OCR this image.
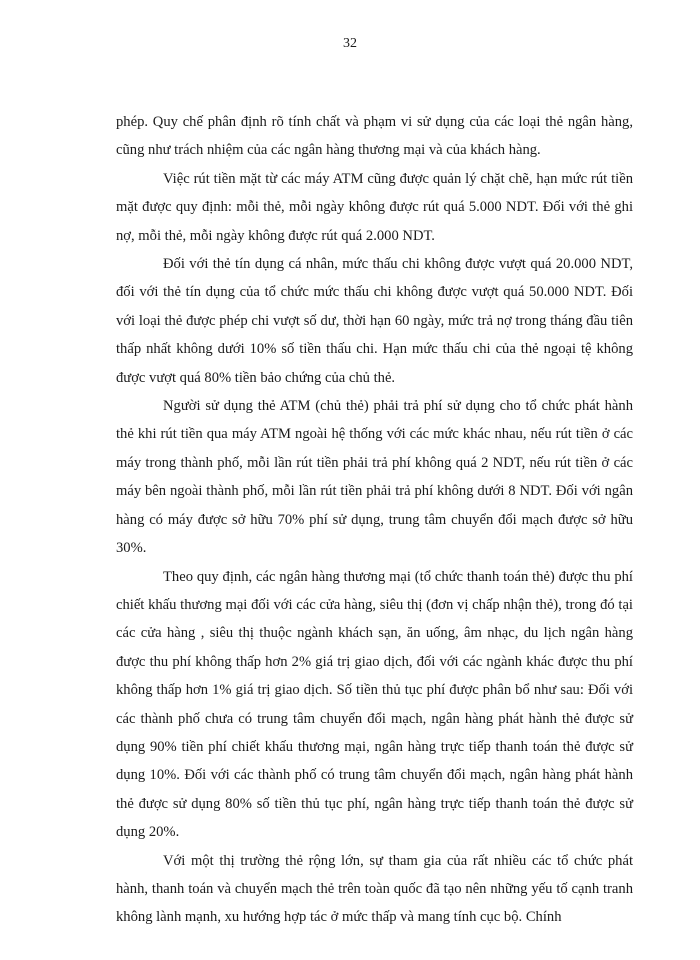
32

phép. Quy chế phân định rõ tính chất và phạm vi sử dụng của các loại thẻ ngân hàng, cũng như trách nhiệm của các ngân hàng thương mại và của khách hàng.

Việc rút tiền mặt từ các máy ATM cũng được quản lý chặt chẽ, hạn mức rút tiền mặt được quy định: mỗi thẻ, mỗi ngày không được rút quá 5.000 NDT. Đối với thẻ ghi nợ, mỗi thẻ, mỗi ngày không được rút quá 2.000 NDT.

Đối với thẻ tín dụng cá nhân, mức thấu chi không được vượt quá 20.000 NDT, đối với thẻ tín dụng của tổ chức mức thấu chi không được vượt quá 50.000 NDT. Đối với loại thẻ được phép chi vượt số dư, thời hạn 60 ngày, mức trả nợ trong tháng đầu tiên thấp nhất không dưới 10% số tiền thấu chi. Hạn mức thấu chi của thẻ ngoại tệ không được vượt quá 80% tiền bảo chứng của chủ thẻ.

Người sử dụng thẻ ATM (chủ thẻ) phải trả phí sử dụng cho tổ chức phát hành thẻ khi rút tiền qua máy ATM ngoài hệ thống với các mức khác nhau, nếu rút tiền ở các máy trong thành phố, mỗi lần rút tiền phải trả phí không quá 2 NDT, nếu rút tiền ở các máy bên ngoài thành phố, mỗi lần rút tiền phải trả phí không dưới 8 NDT. Đối với ngân hàng có máy được sở hữu 70% phí sử dụng, trung tâm chuyển đổi mạch được sở hữu 30%.

Theo quy định, các ngân hàng thương mại (tổ chức thanh toán thẻ) được thu phí chiết khấu thương mại đối với các cửa hàng, siêu thị (đơn vị chấp nhận thẻ), trong đó tại các cửa hàng , siêu thị thuộc ngành khách sạn, ăn uống, âm nhạc, du lịch ngân hàng được thu phí không thấp hơn 2% giá trị giao dịch, đối với các ngành khác được thu phí không thấp hơn 1% giá trị giao dịch. Số tiền thủ tục phí được phân bổ như sau: Đối với các thành phố chưa có trung tâm chuyển đổi mạch, ngân hàng phát hành thẻ được sử dụng 90% tiền phí chiết khấu thương mại, ngân hàng trực tiếp thanh toán thẻ được sử dụng 10%. Đối với các thành phố có trung tâm chuyển đổi mạch, ngân hàng phát hành thẻ được sử dụng 80% số tiền thủ tục phí, ngân hàng trực tiếp thanh toán thẻ được sử dụng 20%.

Với một thị trường thẻ rộng lớn, sự tham gia của rất nhiều các tổ chức phát hành, thanh toán và chuyển mạch thẻ trên toàn quốc đã tạo nên những yếu tố cạnh tranh không lành mạnh, xu hướng hợp tác ở mức thấp và mang tính cục bộ. Chính
